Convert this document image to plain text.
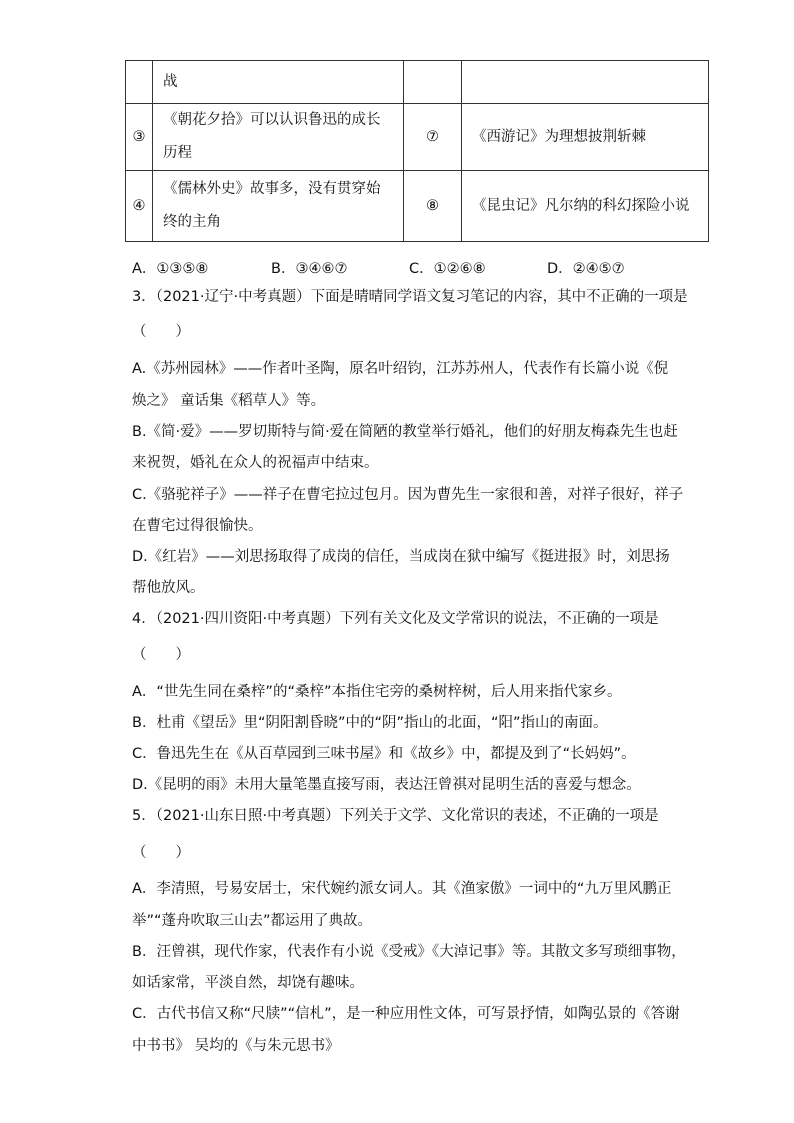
	战		
③	《朝花夕拾》可以认识鲁迅的成长历程	⑦	《西游记》为理想披荆斩棘
④	《儒林外史》故事多，没有贯穿始终的主角	⑧	《昆虫记》凡尔纳的科幻探险小说
A．①③⑤⑧	B．③④⑥⑦	C．①②⑥⑧	D．②④⑤⑦
3．（2021·辽宁·中考真题）下面是晴晴同学语文复习笔记的内容，其中不正确的一项是
（　　）
A.《苏州园林》——作者叶圣陶，原名叶绍钧，江苏苏州人，代表作有长篇小说《倪
焕之》 童话集《稻草人》等。
B.《简·爱》——罗切斯特与简·爱在简陋的教堂举行婚礼，他们的好朋友梅森先生也赶
来祝贺，婚礼在众人的祝福声中结束。
C.《骆驼祥子》——祥子在曹宅拉过包月。因为曹先生一家很和善，对祥子很好，祥子
在曹宅过得很愉快。
D.《红岩》——刘思扬取得了成岗的信任，当成岗在狱中编写《挺进报》时，刘思扬
帮他放风。
4．（2021·四川资阳·中考真题）下列有关文化及文学常识的说法，不正确的一项是
（　　）
A．“世先生同在桑梓”的“桑梓”本指住宅旁的桑树梓树，后人用来指代家乡。
B．杜甫《望岳》里“阴阳割昏晓”中的“阴”指山的北面，“阳”指山的南面。
C．鲁迅先生在《从百草园到三味书屋》和《故乡》中，都提及到了“长妈妈”。
D.《昆明的雨》未用大量笔墨直接写雨，表达汪曾祺对昆明生活的喜爱与想念。
5．（2021·山东日照·中考真题）下列关于文学、文化常识的表述，不正确的一项是
（　　）
A．李清照，号易安居士，宋代婉约派女词人。其《渔家傲》一词中的“九万里风鹏正
举”“蓬舟吹取三山去”都运用了典故。
B．汪曾祺，现代作家，代表作有小说《受戒》《大淖记事》等。其散文多写琐细事物，
如话家常，平淡自然，却饶有趣味。
C．古代书信又称“尺牍”“信札”，是一种应用性文体，可写景抒情，如陶弘景的《答谢
中书书》 吴均的《与朱元思书》
